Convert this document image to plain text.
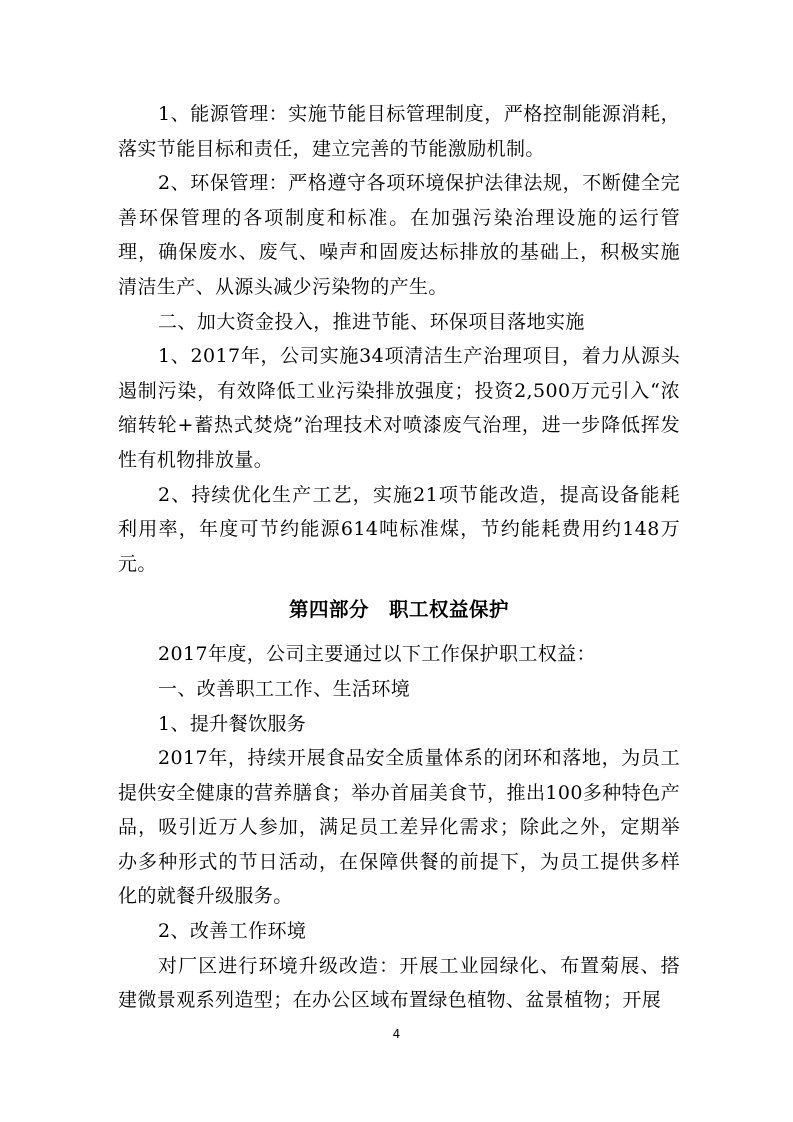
1、能源管理：实施节能目标管理制度，严格控制能源消耗，落实节能目标和责任，建立完善的节能激励机制。

2、环保管理：严格遵守各项环境保护法律法规，不断健全完善环保管理的各项制度和标准。在加强污染治理设施的运行管理，确保废水、废气、噪声和固废达标排放的基础上，积极实施清洁生产、从源头减少污染物的产生。

二、加大资金投入，推进节能、环保项目落地实施

1、2017年，公司实施34项清洁生产治理项目，着力从源头遏制污染，有效降低工业污染排放强度；投资2,500万元引入“浓缩转轮+蓄热式焚烧”治理技术对喷漆废气治理，进一步降低挥发性有机物排放量。

2、持续优化生产工艺，实施21项节能改造，提高设备能耗利用率，年度可节约能源614吨标准煤，节约能耗费用约148万元。

第四部分　职工权益保护

2017年度，公司主要通过以下工作保护职工权益：

一、改善职工工作、生活环境

1、提升餐饮服务

2017年，持续开展食品安全质量体系的闭环和落地，为员工提供安全健康的营养膳食；举办首届美食节，推出100多种特色产品，吸引近万人参加，满足员工差异化需求；除此之外，定期举办多种形式的节日活动，在保障供餐的前提下，为员工提供多样化的就餐升级服务。

2、改善工作环境

对厂区进行环境升级改造：开展工业园绿化、布置菊展、搭建微景观系列造型；在办公区域布置绿色植物、盆景植物；开展

4
